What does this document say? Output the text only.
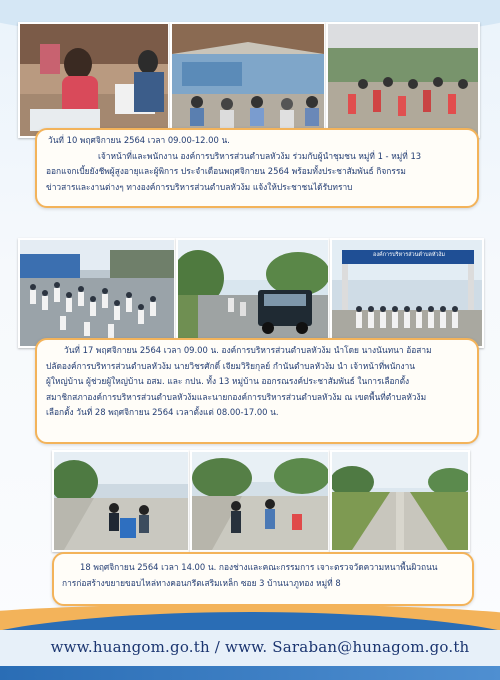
วันที่ 10 พฤศจิกายน 2564 เวลา 09.00-12.00 น.
เจ้าหน้าที่และพนักงาน องค์การบริหารส่วนตำบลหัวง้ม ร่วมกับผู้นำชุมชน หมู่ที่ 1 - หมู่ที่ 13
ออกแจกเบี้ยยังชีพผู้สูงอายุและผู้พิการ ประจำเดือนพฤศจิกายน 2564 พร้อมทั้งประชาสัมพันธ์ กิจกรรม
ข่าวสารและงานต่างๆ ทางองค์การบริหารส่วนตำบลหัวง้ม แจ้งให้ประชาชนได้รับทราบ
องค์การบริหารส่วนตำบลหัวง้ม
วันที่ 17 พฤศจิกายน 2564 เวลา 09.00 น. องค์การบริหารส่วนตำบลหัวง้ม นำโดย นางนันทนา อ้อสาม
ปลัดองค์การบริหารส่วนตำบลหัวง้ม นายวิชรศักดิ์ เจียมวิริยกุลย์ กำนันตำบลหัวง้ม นำ เจ้าหน้าที่พนักงาน
ผู้ใหญ่บ้าน ผู้ช่วยผู้ใหญ่บ้าน อสม. และ กปน. ทั้ง 13 หมู่บ้าน ออกรณรงค์ประชาสัมพันธ์ ในการเลือกตั้ง
สมาชิกสภาองค์การบริหารส่วนตำบลหัวง้มและนายกองค์การบริหารส่วนตำบลหัวง้ม ณ เขตพื้นที่ตำบลหัวง้ม
เลือกตั้ง วันที่ 28 พฤศจิกายน 2564 เวลาตั้งแต่ 08.00-17.00 น.
18 พฤศจิกายน 2564 เวลา 14.00 น. กองช่างและคณะกรรมการ เจาะตรวจวัดความหนาพื้นผิวถนน
การก่อสร้างขยายขอบไหล่ทางคอนกรีตเสริมเหล็ก ซอย 3 บ้านนาภูทอง หมู่ที่ 8
www.huangom.go.th / www. Saraban@hunagom.go.th
